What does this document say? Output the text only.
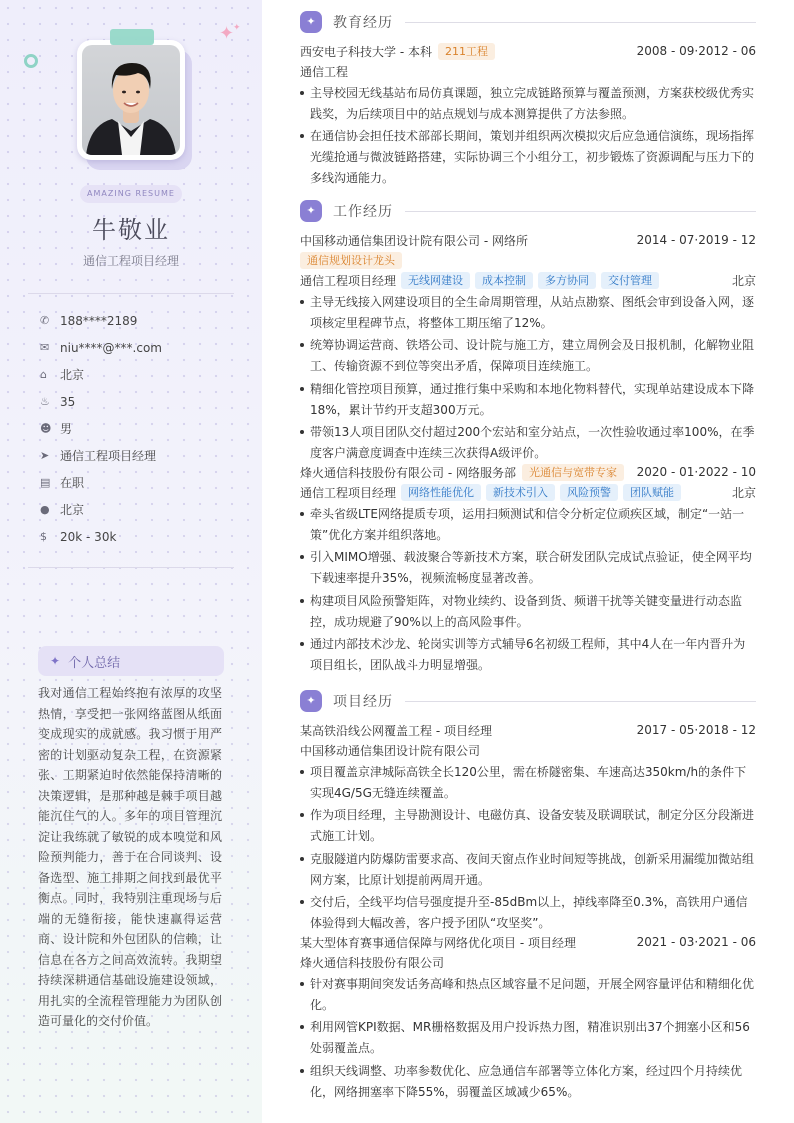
✦
✦
AMAZING RESUME
牛敬业
通信工程项目经理
✆ 188****2189
✉ niu****@***.com
⌂	北京
♨ 35
☻ 男
➤ 通信工程项目经理
▤ 在职
● 北京
$	20k - 30k
✦ 个人总结
我对通信工程始终抱有浓厚的攻坚热情，享受把一张网络蓝图从纸面变成现实的成就感。我习惯于用严密的计划驱动复杂工程，在资源紧张、工期紧迫时依然能保持清晰的决策逻辑，是那种越是棘手项目越能沉住气的人。多年的项目管理沉淀让我练就了敏锐的成本嗅觉和风险预判能力，善于在合同谈判、设备选型、施工排期之间找到最优平衡点。同时，我特别注重现场与后端的无缝衔接，能快速赢得运营商、设计院和外包团队的信赖，让信息在各方之间高效流转。我期望持续深耕通信基础设施建设领域，用扎实的全流程管理能力为团队创造可量化的交付价值。
✦	教育经历
西安电子科技大学 - 本科	211工程	2008 - 09·2012 - 06
通信工程
主导校园无线基站布局仿真课题，独立完成链路预算与覆盖预测，方案获校级优秀实践奖，为后续项目中的站点规划与成本测算提供了方法参照。
在通信协会担任技术部部长期间，策划并组织两次模拟灾后应急通信演练，现场指挥光缆抢通与微波链路搭建，实际协调三个小组分工，初步锻炼了资源调配与压力下的多线沟通能力。
✦	工作经历
中国移动通信集团设计院有限公司 - 网络所	2014 - 07·2019 - 12
通信规划设计龙头
通信工程项目经理	无线网建设	成本控制	多方协同	交付管理	北京
主导无线接入网建设项目的全生命周期管理，从站点勘察、图纸会审到设备入网，逐项核定里程碑节点，将整体工期压缩了12%。
统筹协调运营商、铁塔公司、设计院与施工方，建立周例会及日报机制，化解物业阻工、传输资源不到位等突出矛盾，保障项目连续施工。
精细化管控项目预算，通过推行集中采购和本地化物料替代，实现单站建设成本下降18%，累计节约开支超300万元。
带领13人项目团队交付超过200个宏站和室分站点，一次性验收通过率100%，在季度客户满意度调查中连续三次获得A级评价。
烽火通信科技股份有限公司 - 网络服务部	光通信与宽带专家	2020 - 01·2022 - 10
通信工程项目经理	网络性能优化	新技术引入	风险预警	团队赋能	北京
牵头省级LTE网络提质专项，运用扫频测试和信令分析定位顽疾区域，制定“一站一策”优化方案并组织落地。
引入MIMO增强、载波聚合等新技术方案，联合研发团队完成试点验证，使全网平均下载速率提升35%，视频流畅度显著改善。
构建项目风险预警矩阵，对物业续约、设备到货、频谱干扰等关键变量进行动态监控，成功规避了90%以上的高风险事件。
通过内部技术沙龙、轮岗实训等方式辅导6名初级工程师，其中4人在一年内晋升为项目组长，团队战斗力明显增强。
✦	项目经历
某高铁沿线公网覆盖工程 - 项目经理	2017 - 05·2018 - 12
中国移动通信集团设计院有限公司
项目覆盖京津城际高铁全长120公里，需在桥隧密集、车速高达350km/h的条件下实现4G/5G无缝连续覆盖。
作为项目经理，主导勘测设计、电磁仿真、设备安装及联调联试，制定分区分段渐进式施工计划。
克服隧道内防爆防雷要求高、夜间天窗点作业时间短等挑战，创新采用漏缆加微站组网方案，比原计划提前两周开通。
交付后，全线平均信号强度提升至-85dBm以上，掉线率降至0.3%，高铁用户通信体验得到大幅改善，客户授予团队“攻坚奖”。
某大型体育赛事通信保障与网络优化项目 - 项目经理	2021 - 03·2021 - 06
烽火通信科技股份有限公司
针对赛事期间突发话务高峰和热点区域容量不足问题，开展全网容量评估和精细化优化。
利用网管KPI数据、MR栅格数据及用户投诉热力图，精准识别出37个拥塞小区和56处弱覆盖点。
组织天线调整、功率参数优化、应急通信车部署等立体化方案，经过四个月持续优化，网络拥塞率下降55%，弱覆盖区域减少65%。
